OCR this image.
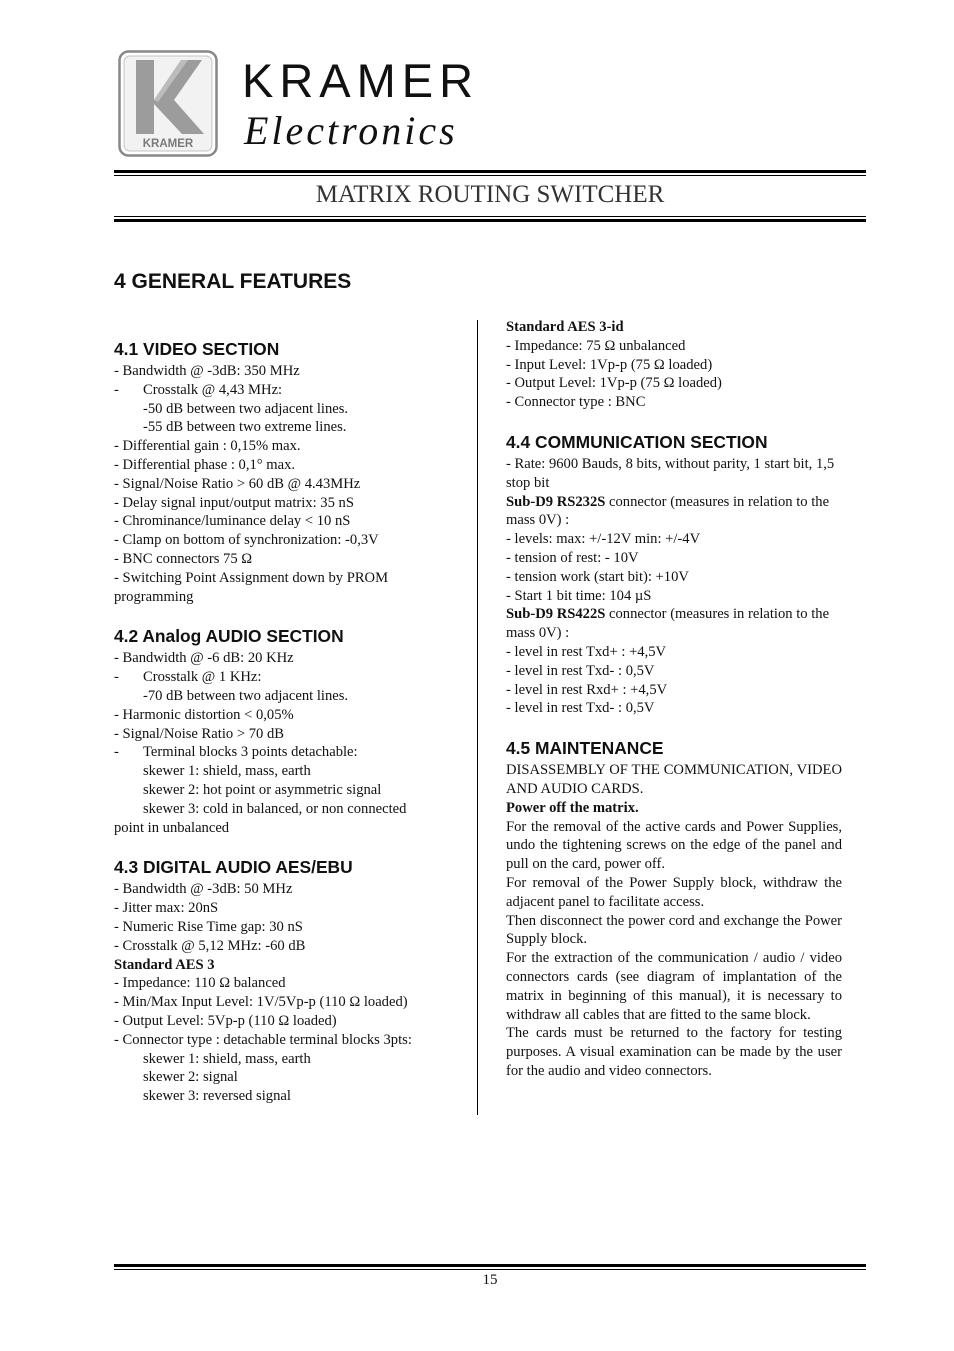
KRAMER
KRAMER
Electronics
MATRIX ROUTING SWITCHER
4 GENERAL FEATURES
4.1 VIDEO SECTION

- Bandwidth @ -3dB: 350 MHz

-	Crosstalk @ 4,43 MHz:

-50 dB between two adjacent lines.

-55 dB between two extreme lines.

- Differential gain : 0,15% max.

- Differential phase : 0,1° max.

- Signal/Noise Ratio > 60 dB @ 4.43MHz

- Delay signal input/output matrix: 35 nS

- Chrominance/luminance delay < 10 nS

- Clamp on bottom of synchronization: -0,3V

- BNC connectors 75 Ω

- Switching Point Assignment down by PROM programming

4.2 Analog AUDIO SECTION

- Bandwidth @ -6 dB: 20 KHz

-	Crosstalk @ 1 KHz:

-70 dB between two adjacent lines.

- Harmonic distortion < 0,05%

- Signal/Noise Ratio > 70 dB

-	Terminal blocks 3 points detachable:

skewer 1: shield, mass, earth

skewer 2: hot point or asymmetric signal

skewer 3: cold in balanced, or non connected

point in unbalanced

4.3 DIGITAL AUDIO AES/EBU

- Bandwidth @ -3dB: 50 MHz

- Jitter max: 20nS

- Numeric Rise Time gap: 30 nS

- Crosstalk @ 5,12 MHz: -60 dB

Standard AES 3

- Impedance: 110 Ω balanced

- Min/Max Input Level: 1V/5Vp-p (110 Ω loaded)

- Output Level: 5Vp-p (110 Ω loaded)

- Connector type : detachable terminal blocks 3pts:

skewer 1: shield, mass, earth

skewer 2: signal

skewer 3: reversed signal

Standard AES 3-id

- Impedance: 75 Ω unbalanced

- Input Level: 1Vp-p (75 Ω loaded)

- Output Level: 1Vp-p (75 Ω loaded)

- Connector type : BNC

4.4 COMMUNICATION SECTION

- Rate: 9600 Bauds, 8 bits, without parity, 1 start bit, 1,5 stop bit

Sub-D9 RS232S connector (measures in relation to the mass 0V) :

- levels: max: +/-12V min: +/-4V

- tension of rest: - 10V

- tension work (start bit): +10V

- Start 1 bit time: 104 µS

Sub-D9 RS422S connector (measures in relation to the mass 0V) :

- level in rest Txd+ : +4,5V

- level in rest Txd- : 0,5V

- level in rest Rxd+ : +4,5V

- level in rest Txd- : 0,5V

4.5 MAINTENANCE

DISASSEMBLY OF THE COMMUNICATION, VIDEO AND AUDIO CARDS.

Power off the matrix.

For the removal of the active cards and Power Supplies, undo the tightening screws on the edge of the panel and pull on the card, power off.

For removal of the Power Supply block, withdraw the adjacent panel to facilitate access.

Then disconnect the power cord and exchange the Power Supply block.

For the extraction of the communication / audio / video connectors cards (see diagram of implantation of the matrix in beginning of this manual), it is necessary to withdraw all cables that are fitted to the same block.

The cards must be returned to the factory for testing purposes. A visual examination can be made by the user for the audio and video connectors.

15
